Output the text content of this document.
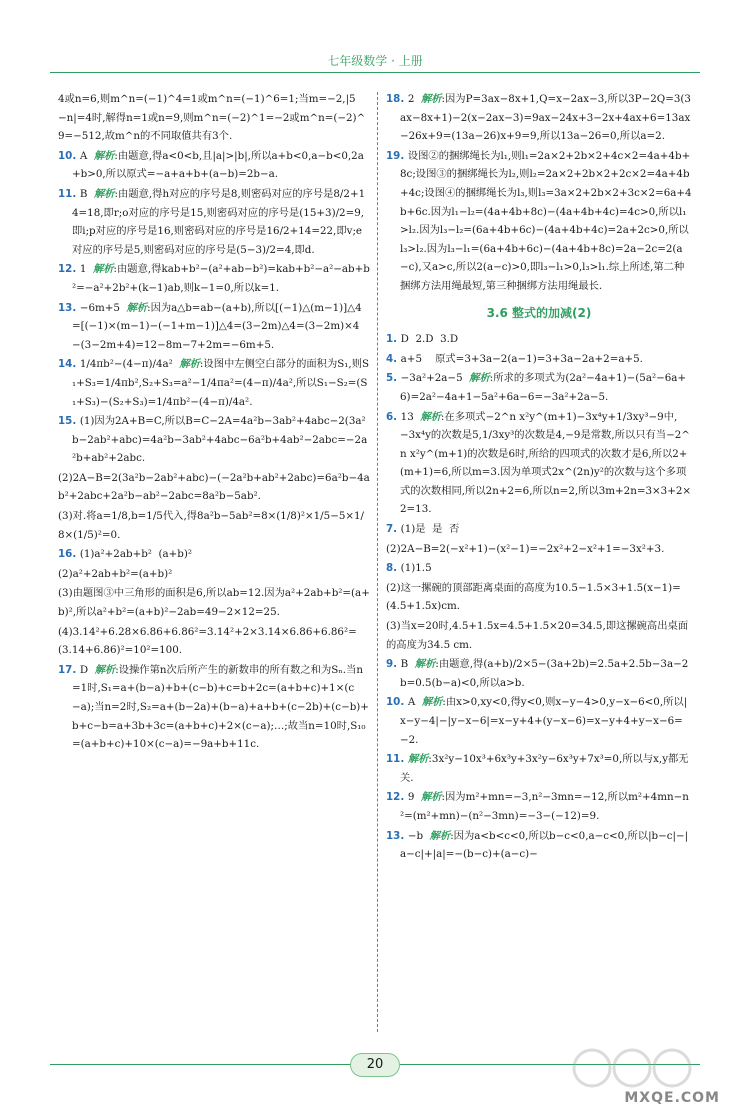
七年级数学 · 上册
4或n=6,则m^n=(−1)^4=1或m^n=(−1)^6=1;当m=−2,|5−n|=4时,解得n=1或n=9,则m^n=(−2)^1=−2或m^n=(−2)^9=−512,故m^n的不同取值共有3个.
10. A  解析:由题意,得a<0<b,且|a|>|b|,所以a+b<0,a−b<0,2a+b>0,所以原式=−a+a+b+(a−b)=2b−a.
11. B  解析:由题意,得h对应的序号是8,则密码对应的序号是8/2+14=18,即r;o对应的序号是15,则密码对应的序号是(15+3)/2=9,即i;p对应的序号是16,则密码对应的序号是16/2+14=22,即v;e对应的序号是5,则密码对应的序号是(5−3)/2=4,即d.
12. 1  解析:由题意,得kab+b²−(a²+ab−b²)=kab+b²−a²−ab+b²=−a²+2b²+(k−1)ab,则k−1=0,所以k=1.
13. −6m+5  解析:因为a△b=ab−(a+b),所以[(−1)△(m−1)]△4=[(−1)×(m−1)−(−1+m−1)]△4=(3−2m)△4=(3−2m)×4−(3−2m+4)=12−8m−7+2m=−6m+5.
14. 1/4πb²−(4−π)/4a²  解析:设图中左侧空白部分的面积为S₁,则S₁+S₃=1/4πb²,S₂+S₃=a²−1/4πa²=(4−π)/4a²,所以S₁−S₂=(S₁+S₃)−(S₂+S₃)=1/4πb²−(4−π)/4a².
15. (1)因为2A+B=C,所以B=C−2A=4a²b−3ab²+4abc−2(3a²b−2ab²+abc)=4a²b−3ab²+4abc−6a²b+4ab²−2abc=−2a²b+ab²+2abc.
(2)2A−B=2(3a²b−2ab²+abc)−(−2a²b+ab²+2abc)=6a²b−4ab²+2abc+2a²b−ab²−2abc=8a²b−5ab².
(3)对.将a=1/8,b=1/5代入,得8a²b−5ab²=8×(1/8)²×1/5−5×1/8×(1/5)²=0.
16. (1)a²+2ab+b²  (a+b)²
(2)a²+2ab+b²=(a+b)²
(3)由题图③中三角形的面积是6,所以ab=12.因为a²+2ab+b²=(a+b)²,所以a²+b²=(a+b)²−2ab=49−2×12=25.
(4)3.14²+6.28×6.86+6.86²=3.14²+2×3.14×6.86+6.86²=(3.14+6.86)²=10²=100.
17. D  解析:设操作第n次后所产生的新数串的所有数之和为Sₙ.当n=1时,S₁=a+(b−a)+b+(c−b)+c=b+2c=(a+b+c)+1×(c−a);当n=2时,S₂=a+(b−2a)+(b−a)+a+b+(c−2b)+(c−b)+b+c−b=a+3b+3c=(a+b+c)+2×(c−a);…;故当n=10时,S₁₀=(a+b+c)+10×(c−a)=−9a+b+11c.
18. 2  解析:因为P=3ax−8x+1,Q=x−2ax−3,所以3P−2Q=3(3ax−8x+1)−2(x−2ax−3)=9ax−24x+3−2x+4ax+6=13ax−26x+9=(13a−26)x+9=9,所以13a−26=0,所以a=2.
19. 设图②的捆绑绳长为l₁,则l₁=2a×2+2b×2+4c×2=4a+4b+8c;设图③的捆绑绳长为l₂,则l₂=2a×2+2b×2+2c×2=4a+4b+4c;设图④的捆绑绳长为l₃,则l₃=3a×2+2b×2+3c×2=6a+4b+6c.因为l₁−l₂=(4a+4b+8c)−(4a+4b+4c)=4c>0,所以l₁>l₂.因为l₃−l₂=(6a+4b+6c)−(4a+4b+4c)=2a+2c>0,所以l₃>l₂.因为l₃−l₁=(6a+4b+6c)−(4a+4b+8c)=2a−2c=2(a−c),又a>c,所以2(a−c)>0,即l₃−l₁>0,l₃>l₁.综上所述,第二种捆绑方法用绳最短,第三种捆绑方法用绳最长.
3.6 整式的加减(2)
1. D  2.D  3.D
4. a+5    原式=3+3a−2(a−1)=3+3a−2a+2=a+5.
5. −3a²+2a−5  解析:所求的多项式为(2a²−4a+1)−(5a²−6a+6)=2a²−4a+1−5a²+6a−6=−3a²+2a−5.
6. 13  解析:在多项式−2^n x²y^(m+1)−3x⁴y+1/3xy³−9中,−3x⁴y的次数是5,1/3xy³的次数是4,−9是常数,所以只有当−2^n x²y^(m+1)的次数是6时,所给的四项式的次数才是6,所以2+(m+1)=6,所以m=3.因为单项式2x^(2n)y²的次数与这个多项式的次数相同,所以2n+2=6,所以n=2,所以3m+2n=3×3+2×2=13.
7. (1)是  是  否
(2)2A−B=2(−x²+1)−(x²−1)=−2x²+2−x²+1=−3x²+3.
8. (1)1.5
(2)这一摞碗的顶部距离桌面的高度为10.5−1.5×3+1.5(x−1)=(4.5+1.5x)cm.
(3)当x=20时,4.5+1.5x=4.5+1.5×20=34.5,即这摞碗高出桌面的高度为34.5 cm.
9. B  解析:由题意,得(a+b)/2×5−(3a+2b)=2.5a+2.5b−3a−2b=0.5(b−a)<0,所以a>b.
10. A  解析:由x>0,xy<0,得y<0,则x−y−4>0,y−x−6<0,所以|x−y−4|−|y−x−6|=x−y+4+(y−x−6)=x−y+4+y−x−6=−2.
11. 解析:3x²y−10x³+6x³y+3x²y−6x³y+7x³=0,所以与x,y都无关.
12. 9  解析:因为m²+mn=−3,n²−3mn=−12,所以m²+4mn−n²=(m²+mn)−(n²−3mn)=−3−(−12)=9.
13. −b  解析:因为a<b<c<0,所以b−c<0,a−c<0,所以|b−c|−|a−c|+|a|=−(b−c)+(a−c)−
20
MXQE.COM
